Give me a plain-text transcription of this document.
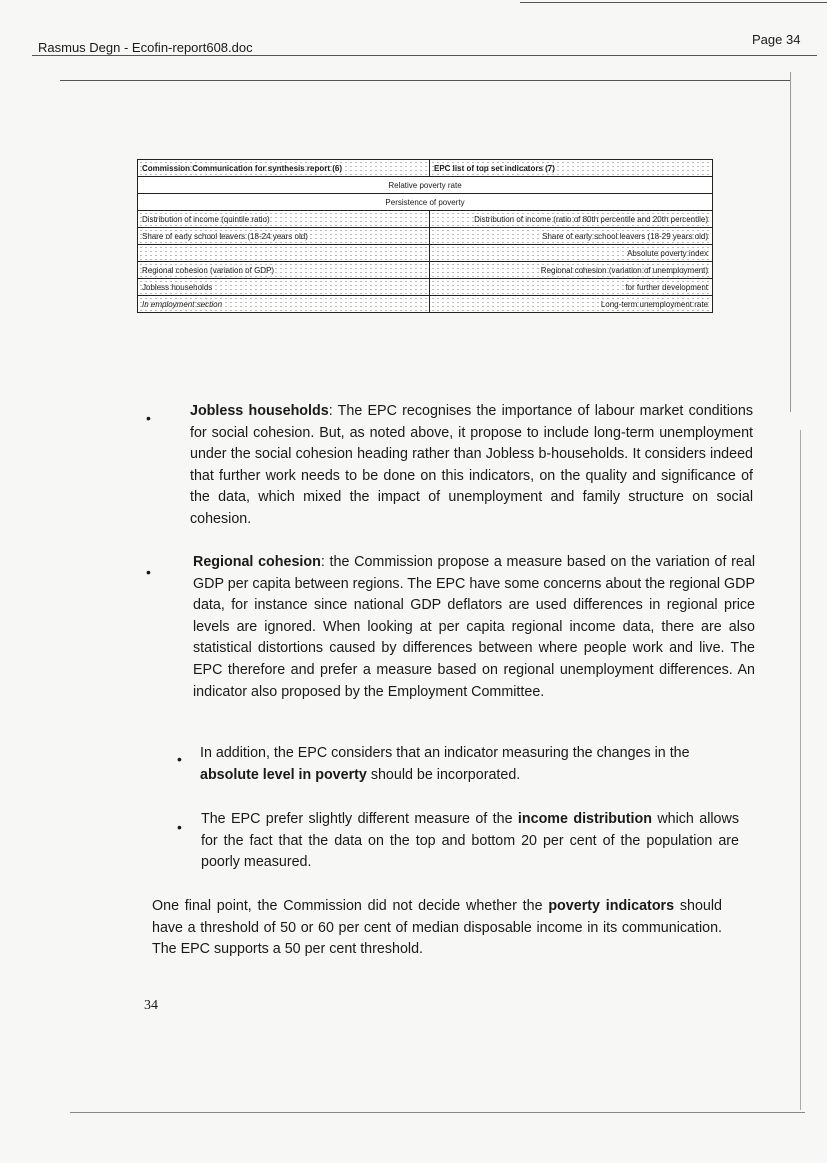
Rasmus Degn - Ecofin-report608.doc
Page 34
Commission Communication for synthesis report (6)	EPC list of top set indicators (7)
Relative poverty rate	
Persistence of poverty	
Distribution of income (quintile ratio)	Distribution of income (ratio of 80th percentile and 20th percentile)
Share of early school leavers (18-24 years old)	Share of early school leavers (18-29 years old)
	Absolute poverty index
Regional cohesion (variation of GDP)	Regional cohesion (variation of unemployment)
Jobless households	for further development
In employment section	Long-term unemployment rate
•	Jobless households: The EPC recognises the importance of labour market conditions for social cohesion. But, as noted above, it propose to include long-term unemployment under the social cohesion heading rather than Jobless b-households. It considers indeed that further work needs to be done on this indicators, on the quality and significance of the data, which mixed the impact of unemployment and family structure on social cohesion.
•
Regional cohesion: the Commission propose a measure based on the variation of real GDP per capita between regions. The EPC have some concerns about the regional GDP data, for instance since national GDP deflators are used differences in regional price levels are ignored. When looking at per capita regional income data, there are also statistical distortions caused by differences between where people work and live. The EPC therefore and prefer a measure based on regional unemployment differences. An indicator also proposed by the Employment Committee.
• In addition, the EPC considers that an indicator measuring the changes in the absolute level in poverty should be incorporated.
• The EPC prefer slightly different measure of the income distribution which allows for the fact that the data on the top and bottom 20 per cent of the population are poorly measured.
One final point, the Commission did not decide whether the poverty indicators should have a threshold of 50 or 60 per cent of median disposable income in its communication. The EPC supports a 50 per cent threshold.
34
